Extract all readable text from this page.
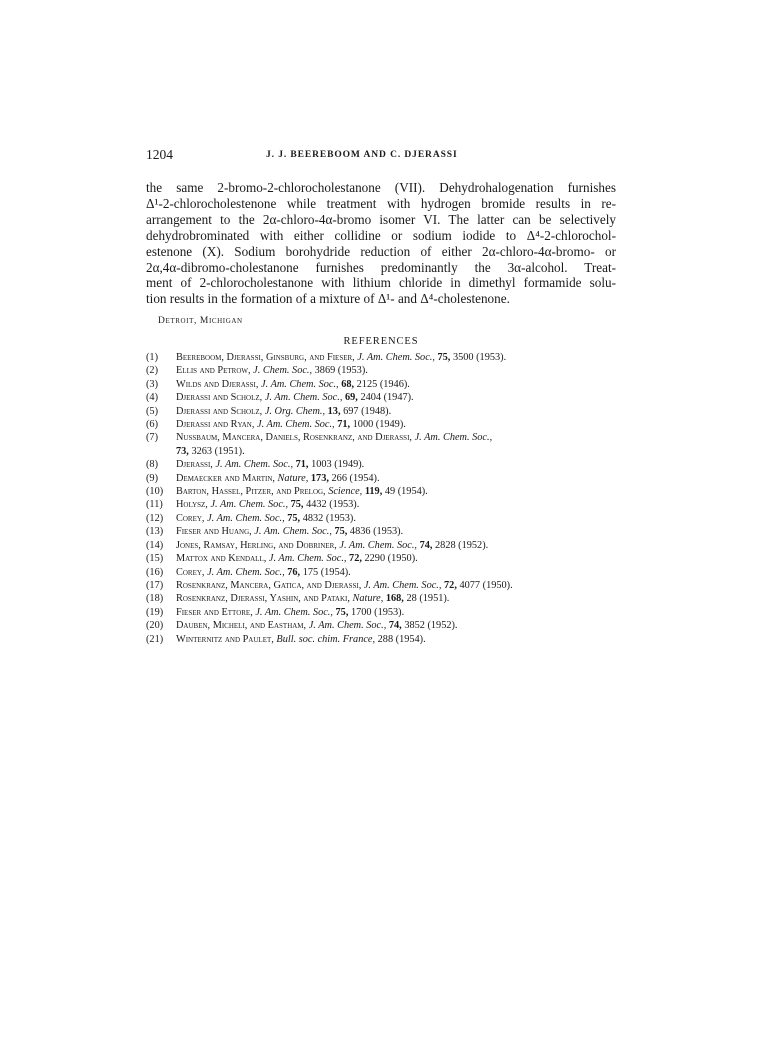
1204	J. J. BEEREBOOM AND C. DJERASSI
the same 2-bromo-2-chlorocholestanone (VII). Dehydrohalogenation furnishes
Δ¹-2-chlorocholestenone while treatment with hydrogen bromide results in re-
arrangement to the 2α-chloro-4α-bromo isomer VI. The latter can be selectively
dehydrobrominated with either collidine or sodium iodide to Δ⁴-2-chlorochol-
estenone (X). Sodium borohydride reduction of either 2α-chloro-4α-bromo- or
2α,4α-dibromo-cholestanone furnishes predominantly the 3α-alcohol. Treat-
ment of 2-chlorocholestanone with lithium chloride in dimethyl formamide solu-
tion results in the formation of a mixture of Δ¹- and Δ⁴-cholestenone.
Detroit, Michigan
REFERENCES
(1)	Beereboom, Djerassi, Ginsburg, and Fieser, J. Am. Chem. Soc., 75, 3500 (1953).
(2)	Ellis and Petrow, J. Chem. Soc., 3869 (1953).
(3)	Wilds and Djerassi, J. Am. Chem. Soc., 68, 2125 (1946).
(4)	Djerassi and Scholz, J. Am. Chem. Soc., 69, 2404 (1947).
(5)	Djerassi and Scholz, J. Org. Chem., 13, 697 (1948).
(6)	Djerassi and Ryan, J. Am. Chem. Soc., 71, 1000 (1949).
(7)	Nussbaum, Mancera, Daniels, Rosenkranz, and Djerassi, J. Am. Chem. Soc.,
73, 3263 (1951).
(8)	Djerassi, J. Am. Chem. Soc., 71, 1003 (1949).
(9)	Demaecker and Martin, Nature, 173, 266 (1954).
(10)	Barton, Hassel, Pitzer, and Prelog, Science, 119, 49 (1954).
(11)	Holysz, J. Am. Chem. Soc., 75, 4432 (1953).
(12)	Corey, J. Am. Chem. Soc., 75, 4832 (1953).
(13)	Fieser and Huang, J. Am. Chem. Soc., 75, 4836 (1953).
(14)	Jones, Ramsay, Herling, and Dobriner, J. Am. Chem. Soc., 74, 2828 (1952).
(15)	Mattox and Kendall, J. Am. Chem. Soc., 72, 2290 (1950).
(16)	Corey, J. Am. Chem. Soc., 76, 175 (1954).
(17)	Rosenkranz, Mancera, Gatica, and Djerassi, J. Am. Chem. Soc., 72, 4077 (1950).
(18)	Rosenkranz, Djerassi, Yashin, and Pataki, Nature, 168, 28 (1951).
(19)	Fieser and Ettore, J. Am. Chem. Soc., 75, 1700 (1953).
(20)	Dauben, Micheli, and Eastham, J. Am. Chem. Soc., 74, 3852 (1952).
(21)	Winternitz and Paulet, Bull. soc. chim. France, 288 (1954).
